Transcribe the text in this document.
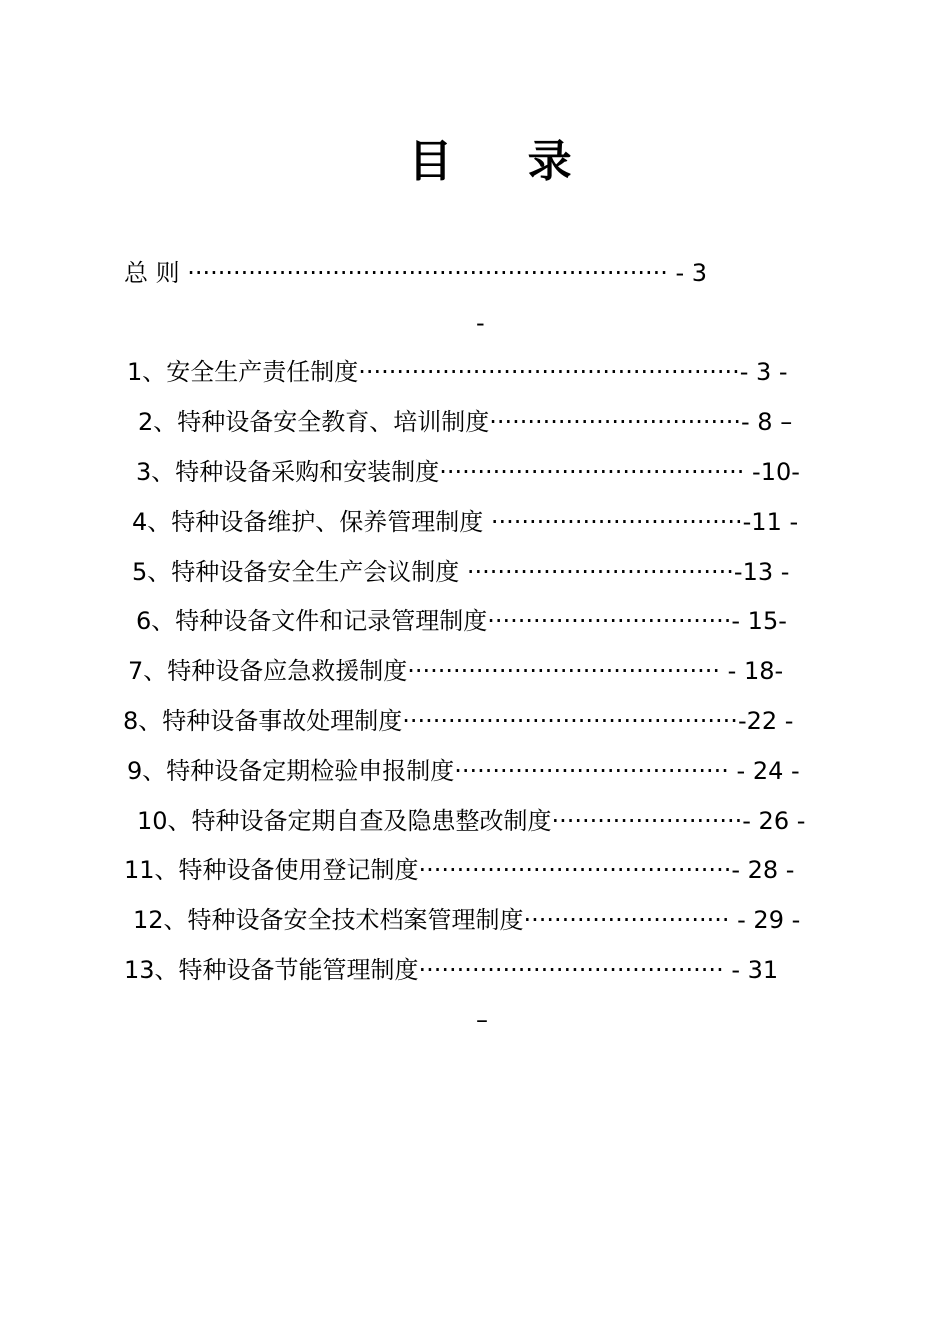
目 录
总 则 ······························································· - 3
-
1、安全生产责任制度··················································- 3 -
2、特种设备安全教育、培训制度·································- 8 –
3、特种设备采购和安装制度········································ -10-
4、特种设备维护、保养管理制度 ·································-11 -
5、特种设备安全生产会议制度 ···································-13 -
6、特种设备文件和记录管理制度································- 15-
7、特种设备应急救援制度········································· - 18-
8、特种设备事故处理制度············································-22 -
9、特种设备定期检验申报制度···································· - 24 -
10、特种设备定期自查及隐患整改制度·························- 26 -
11、特种设备使用登记制度·········································- 28 -
12、特种设备安全技术档案管理制度··························· - 29 -
13、特种设备节能管理制度········································ - 31
–
